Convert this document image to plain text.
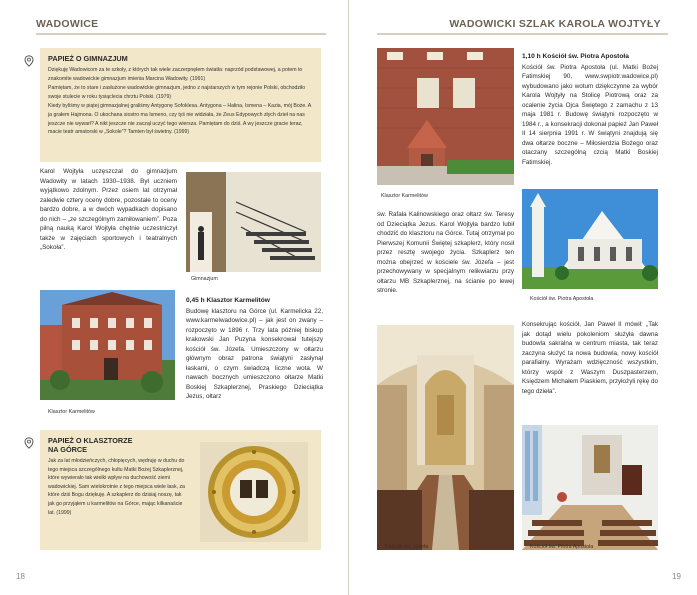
WADOWICE
PAPIEŻ O GIMNAZJUM

Dziękuję Wadowicom za te szkoły, z których tak wiele zaczerpnęłem światła: naprzód podstawowej, a potem to znakomite wadowickie gimnazjum imienia Marcina Wadowity. (1991)

Pamiętam, że to stare i zasłużone wadowickie gimnazjum, jedno z najstarszych w tym rejonie Polski, obchodziło swoje stulecie w roku tysiąclecia chrztu Polski. (1979)

Kiedy byliśmy w piątej gimnazjalnej graliśmy Antygonę Sofoklesa. Antygona – Halina, Ismena – Kazia, mój Boże. A ja grałem Hajmona. O ukochana siostro ma Ismeno, czy tyś nie widziała, że Zeus Edypowych złych dzieł na nas jeszcze nie wywarł? A nikt jeszcze nie zaczął uczyć tego wiersza. Pamiętam do dziś. A wy jeszcze gracie teraz, macie teatr amatorski w „Sokole”? Tamten był świetny. (1999)

Karol Wojtyła uczęszczał do gimnazjum Wadowity w latach 1930–1938. Był uczniem wyjątkowo zdolnym. Przez osiem lat otrzymał zaledwie cztery oceny dobre, pozostałe to oceny bardzo dobre, a w dwóch wypadkach dopisano do nich – „ze szczególnym zamiłowaniem”. Poza pilną nauką Karol Wojtyła chętnie uczestniczył także w zajęciach sportowych i teatralnych „Sokoła”.
Gimnazjum
Klasztor Karmelitów
0,45 h Klasztor Karmelitów
Budowę klasztoru na Górce (ul. Karmelicka 22, www.karmelwadowice.pl) – jak jest on zwany – rozpoczęto w 1896 r. Trzy lata później biskup krakowski Jan Puzyna konsekrował tutejszy kościół św. Józefa. Umieszczony w ołtarzu głównym obraz patrona świątyni zasłynął łaskami, o czym świadczą liczne wota. W nawach bocznych umieszczono ołtarze Matki Boskiej Szkaplerznej, Praskiego Dzieciątka Jezus, ołtarz
PAPIEŻ O KLASZTORZE
NA GÓRCE

Jak za lat młodzieńczych, chłopięcych, wędruję w duchu do tego miejsca szczególnego kultu Matki Bożej Szkaplerznej, które wywierało tak wielki wpływ na duchowość ziemi wadowickiej. Sam wielokrotnie z tego miejsca wiele łask, za które dziś Bogu dziękuję. A szkaplerz do dzisiaj noszę, tak jak go przyjąłem u karmelitów na Górce, mając kilkanaście lat. (1999)

18
WADOWICKI SZLAK KAROLA WOJTYŁY
Klasztor Karmelitów
św. Rafała Kalinowskiego oraz ołtarz św. Teresy od Dzieciątka Jezus. Karol Wojtyła bardzo lubił chodzić do klasztoru na Górce. Tutaj otrzymał po Pierwszej Komunii Świętej szkaplerz, który nosił przez resztę swojego życia. Szkaplerz ten można obejrzeć w kościele św. Józefa – jest przechowywany w specjalnym relikwiarzu przy ołtarzu MB Szkaplerznej, na ścianie po lewej stronie.
1,10 h Kościół św. Piotra Apostoła
Kościół św. Piotra Apostoła (ul. Matki Bożej Fatimskiej 90, www.swpiotr.wadowice.pl) wybudowano jako wotum dziękczynne za wybór Karola Wojtyły na Stolicę Piotrową oraz za ocalenie życia Ojca Świętego z zamachu z 13 maja 1981 r. Budowę świątyni rozpoczęto w 1984 r., a konsekracji dokonał papież Jan Paweł II 14 sierpnia 1991 r. W świątyni znajdują się dwa ołtarze boczne – Miłosierdzia Bożego oraz otaczany szczególną czcią Matki Boskiej Fatimskiej.
Kościół św. Piotra Apostoła
Konsekrując kościół, Jan Paweł II mówił: „Tak jak dotąd wielu pokoleniom służyła dawna budowla sakralna w centrum miasta, tak teraz zaczyna służyć ta nowa budowla, nowy kościół parafialny. Wyrażam wdzięczność wszystkim, którzy współ z Waszym Duszpasterzem, Księdzem Michałem Piaskiem, przyłożyli rękę do tego dzieła”.
Kościół św. Józefa	Kościół św. Piotra Apostoła
19
